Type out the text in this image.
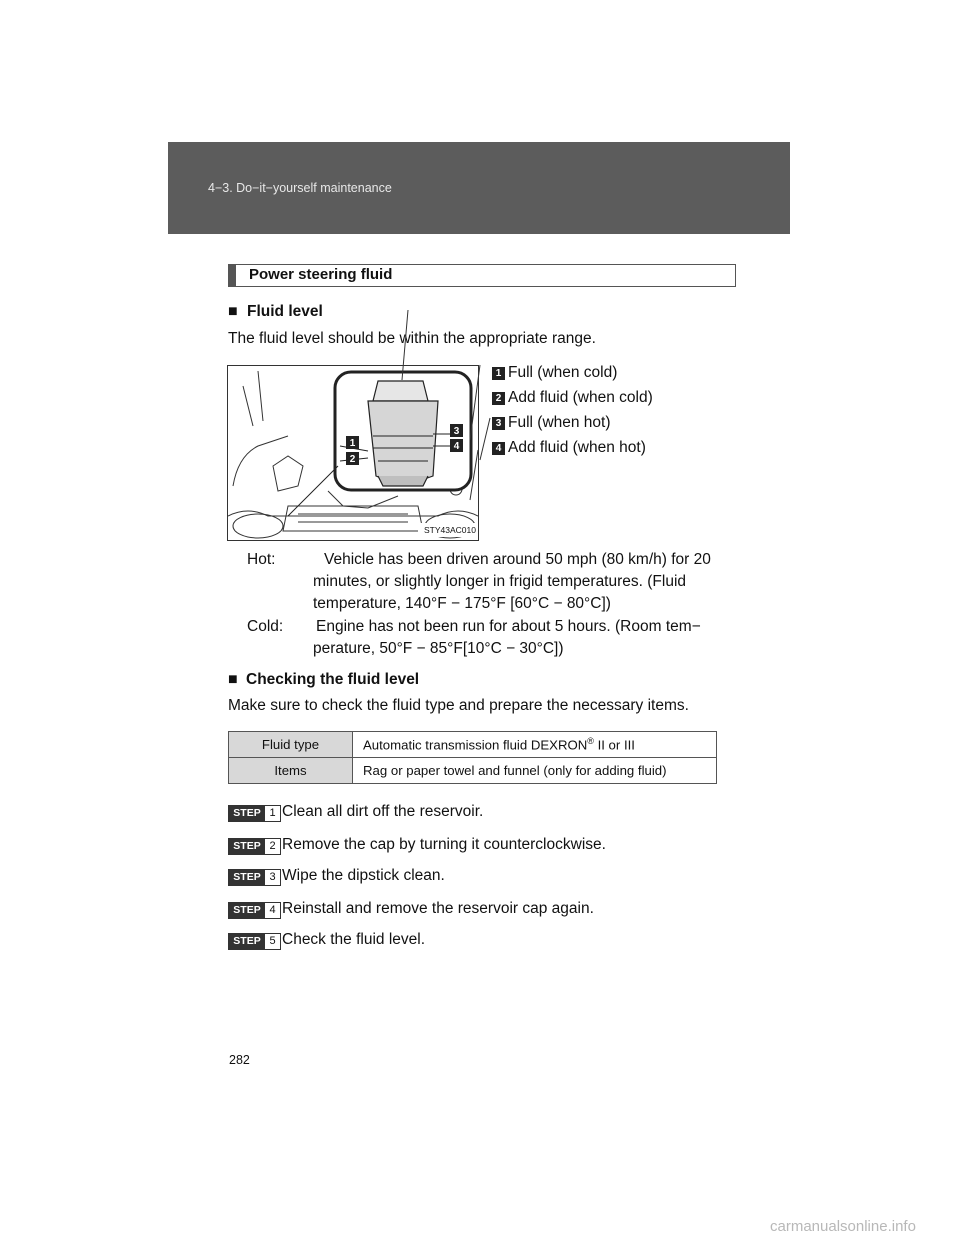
4−3. Do−it−yourself maintenance
Power steering fluid
■ Fluid level
The fluid level should be within the appropriate range.
1
2
3
4
STY43AC010
1 Full (when cold)
2 Add fluid (when cold)
3 Full (when hot)
4 Add fluid (when hot)
Hot:	Vehicle has been driven around 50 mph (80 km/h) for 20
minutes, or slightly longer in frigid temperatures. (Fluid
temperature, 140°F − 175°F [60°C − 80°C])
Cold: Engine has not been run for about 5 hours. (Room tem−
perature, 50°F − 85°F[10°C − 30°C])
■ Checking the fluid level
Make sure to check the fluid type and prepare the necessary items.
Fluid type	Automatic transmission fluid DEXRON® II or III
Items	Rag or paper towel and funnel (only for adding fluid)
STEP 1 Clean all dirt off the reservoir.
STEP 2 Remove the cap by turning it counterclockwise.
STEP 3 Wipe the dipstick clean.
STEP 4 Reinstall and remove the reservoir cap again.
STEP 5 Check the fluid level.
282
carmanualsonline.info
